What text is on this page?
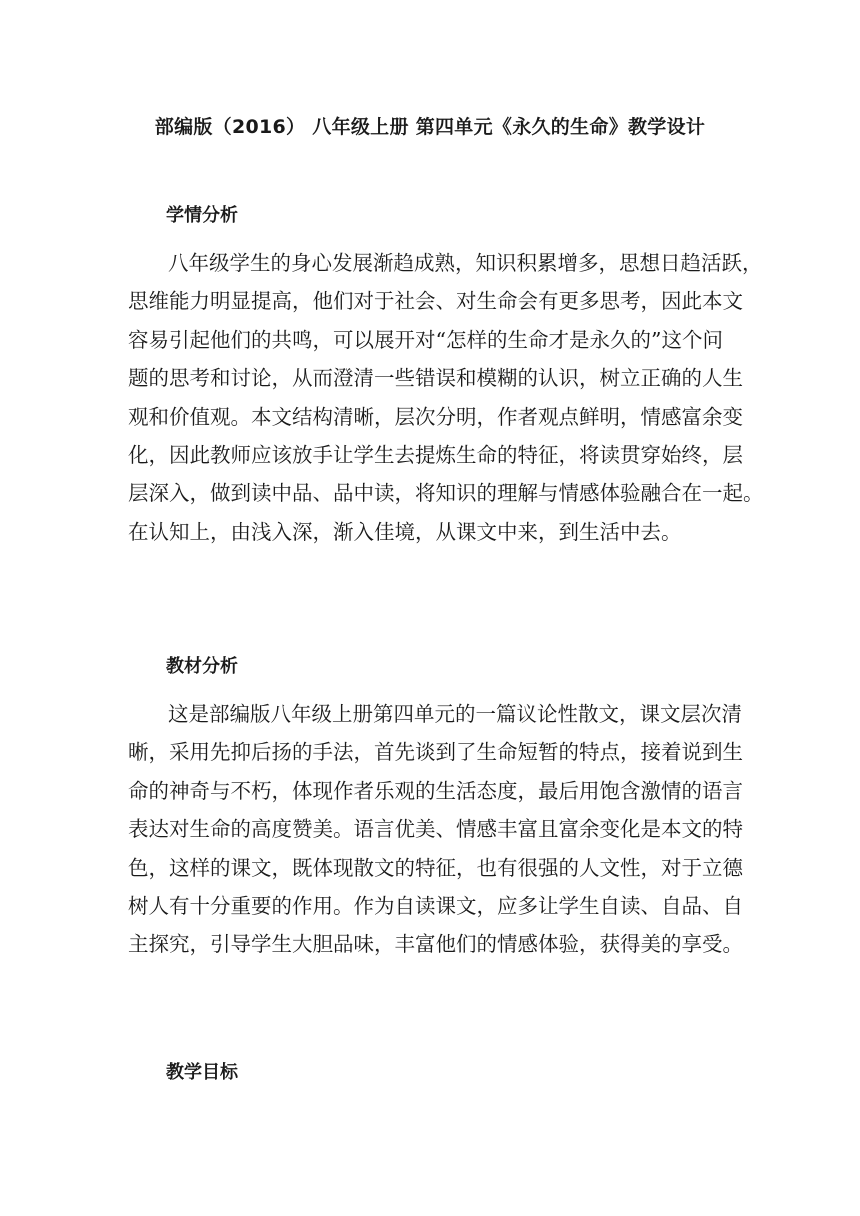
部编版（2016） 八年级上册 第四单元《永久的生命》教学设计
学情分析
八年级学生的身心发展渐趋成熟，知识积累增多，思想日趋活跃，
思维能力明显提高，他们对于社会、对生命会有更多思考，因此本文
容易引起他们的共鸣，可以展开对“怎样的生命才是永久的”这个问
题的思考和讨论，从而澄清一些错误和模糊的认识，树立正确的人生
观和价值观。本文结构清晰，层次分明，作者观点鲜明，情感富余变
化，因此教师应该放手让学生去提炼生命的特征，将读贯穿始终，层
层深入，做到读中品、品中读，将知识的理解与情感体验融合在一起。
在认知上，由浅入深，渐入佳境，从课文中来，到生活中去。
教材分析
这是部编版八年级上册第四单元的一篇议论性散文，课文层次清
晰，采用先抑后扬的手法，首先谈到了生命短暂的特点，接着说到生
命的神奇与不朽，体现作者乐观的生活态度，最后用饱含激情的语言
表达对生命的高度赞美。语言优美、情感丰富且富余变化是本文的特
色，这样的课文，既体现散文的特征，也有很强的人文性，对于立德
树人有十分重要的作用。作为自读课文，应多让学生自读、自品、自
主探究，引导学生大胆品味，丰富他们的情感体验，获得美的享受。
教学目标
